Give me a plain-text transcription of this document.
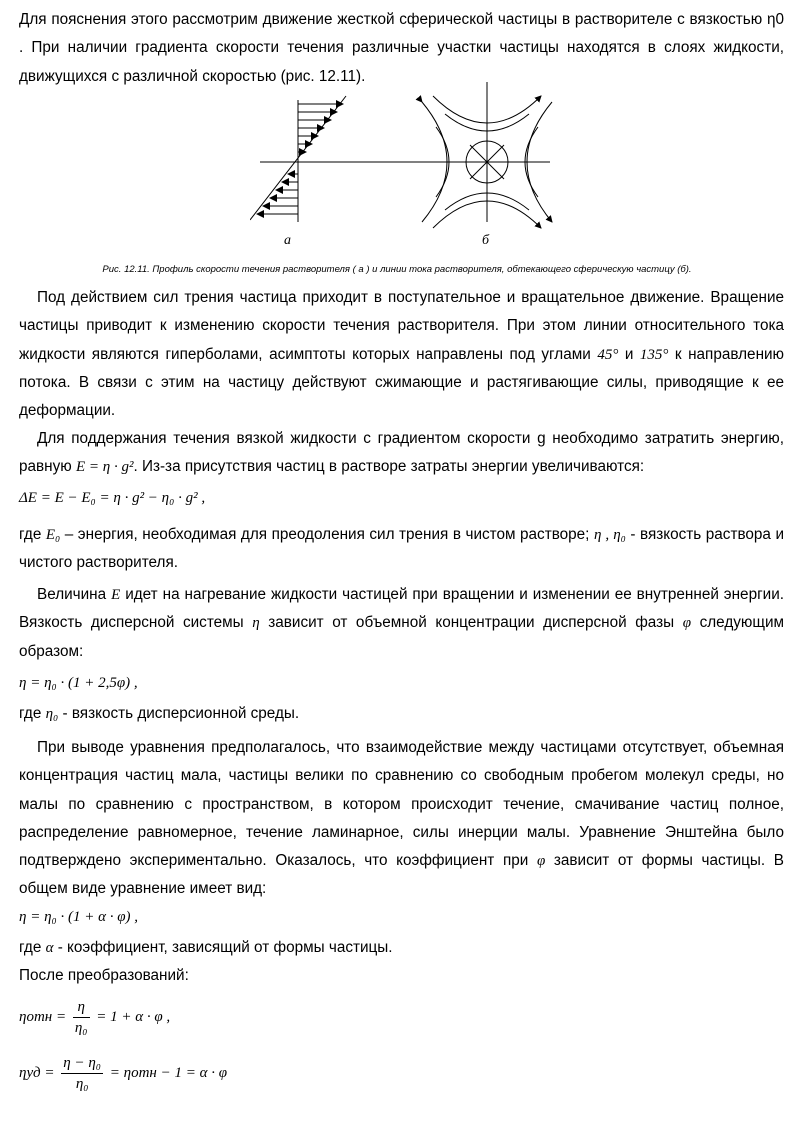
Для пояснения этого рассмотрим движение жесткой сферической частицы в растворителе с вязкостью η0 . При наличии градиента скорости течения различные участки частицы находятся в слоях жидкости, движущихся с различной скоростью (рис. 12.11).

а	б
Рис. 12.11. Профиль скорости течения растворителя ( а ) и линии тока растворителя, обтекающего сферическую частицу (б).

Под действием сил трения частица приходит в поступательное и вращательное движение. Вращение частицы приводит к изменению скорости течения растворителя. При этом линии относительного тока жидкости являются гиперболами, асимптоты которых направлены под углами 45° и 135° к направлению потока. В связи с этим на частицу действуют сжимающие и растягивающие силы, приводящие к ее деформации.

Для поддержания течения вязкой жидкости с градиентом скорости g необходимо затратить энергию, равную E = η · g². Из-за присутствия частиц в растворе затраты энергии увеличиваются:

ΔE = E − E₀ = η · g² − η₀ · g² ,

где E₀ – энергия, необходимая для преодоления сил трения в чистом растворе; η , η₀ - вязкость раствора и чистого растворителя.

Величина E идет на нагревание жидкости частицей при вращении и изменении ее внутренней энергии. Вязкость дисперсной системы η зависит от объемной концентрации дисперсной фазы φ следующим образом:

η = η₀ · (1 + 2,5φ) ,

где η₀ - вязкость дисперсионной среды.

При выводе уравнения предполагалось, что взаимодействие между частицами отсутствует, объемная концентрация частиц мала, частицы велики по сравнению со свободным пробегом молекул среды, но малы по сравнению с пространством, в котором происходит течение, смачивание частиц полное, распределение равномерное, течение ламинарное, силы инерции малы. Уравнение Энштейна было подтверждено экспериментально. Оказалось, что коэффициент при φ зависит от формы частицы. В общем виде уравнение имеет вид:

η = η₀ · (1 + α · φ) ,

где α - коэффициент, зависящий от формы частицы.

После преобразований:

$\eta отн = \frac{\eta}{\text{η₀}} = 1 + \alpha \cdot \varphi$ ,
$\eta уд = \frac{\text{η − η₀}}{\text{η₀}} = \eta отн - 1 = \alpha \cdot \varphi$
